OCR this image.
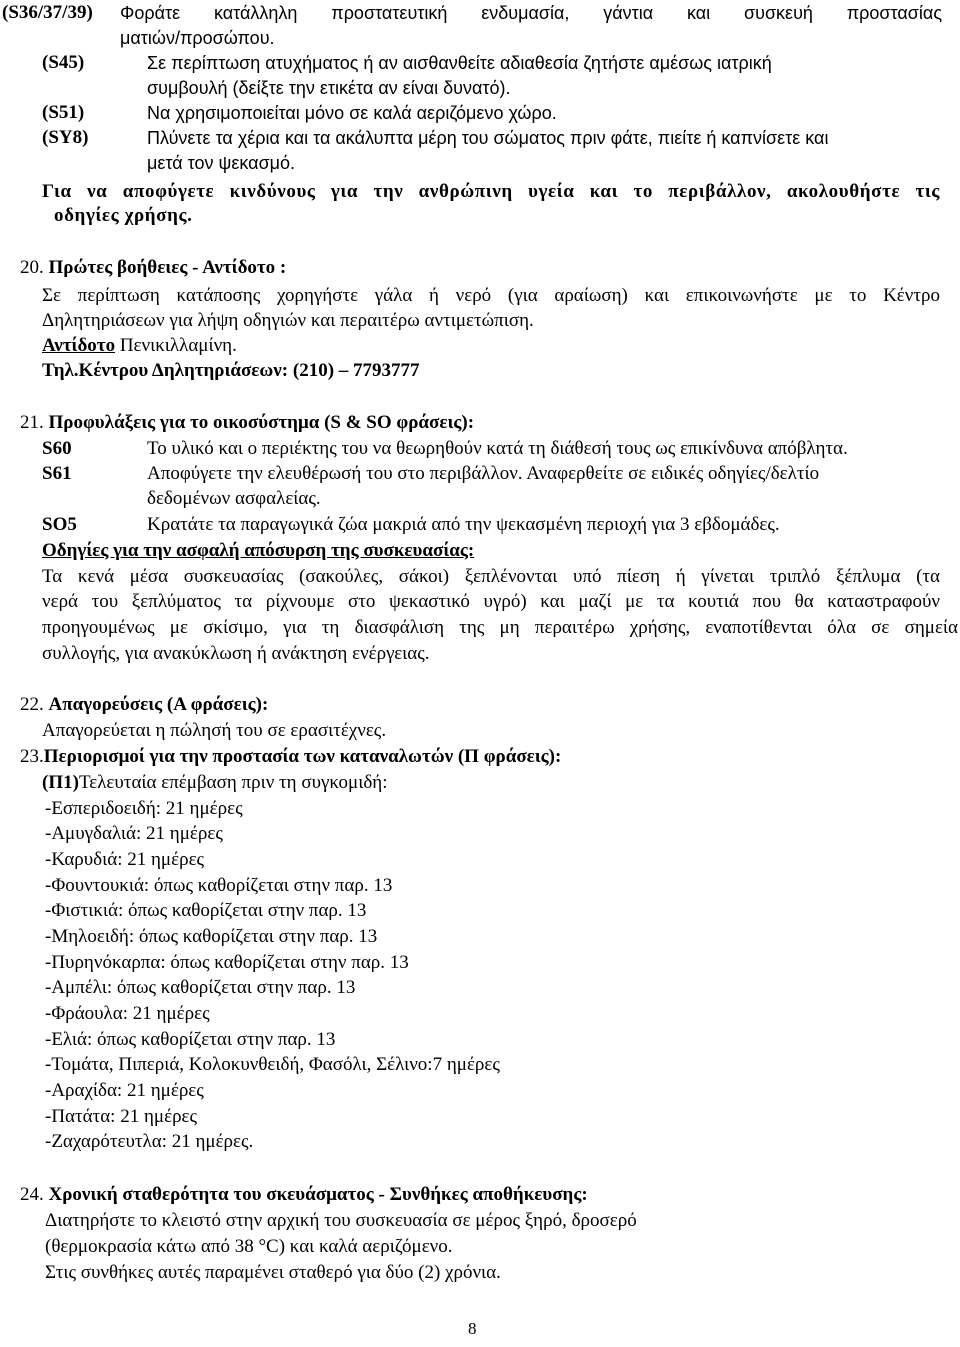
(S36/37/39) Φοράτε κατάλληλη προστατευτική ενδυμασία, γάντια και συσκευή προστασίας
ματιών/προσώπου.
(S45)	Σε περίπτωση ατυχήματος ή αν αισθανθείτε αδιαθεσία ζητήστε αμέσως ιατρική
συμβουλή (δείξτε την ετικέτα αν είναι δυνατό).
(S51)	Να χρησιμοποιείται μόνο σε καλά αεριζόμενο χώρο.
(SY8)	Πλύνετε τα χέρια και τα ακάλυπτα μέρη του σώματος πριν φάτε, πιείτε ή καπνίσετε και
μετά τον ψεκασμό.
Για να αποφύγετε κινδύνους για την ανθρώπινη υγεία και το περιβάλλον, ακολουθήστε τις
οδηγίες χρήσης.
20. Πρώτες βοήθειες - Αντίδοτο :
Σε περίπτωση κατάποσης χορηγήστε γάλα ή νερό (για αραίωση) και επικοινωνήστε με το Κέντρο
Δηλητηριάσεων για λήψη οδηγιών και περαιτέρω αντιμετώπιση.
Αντίδοτο Πενικιλλαμίνη.
Τηλ.Κέντρου Δηλητηριάσεων: (210) – 7793777
21. Προφυλάξεις για το οικοσύστημα (S & SO φράσεις):
S60	Το υλικό και ο περιέκτης του να θεωρηθούν κατά τη διάθεσή τους ως επικίνδυνα απόβλητα.
S61	Αποφύγετε την ελευθέρωσή του στο περιβάλλον. Αναφερθείτε σε ειδικές οδηγίες/δελτίο
δεδομένων ασφαλείας.
SO5	Κρατάτε τα παραγωγικά ζώα μακριά από την ψεκασμένη περιοχή για 3 εβδομάδες.
Οδηγίες για την ασφαλή απόσυρση της συσκευασίας:
Τα κενά μέσα συσκευασίας (σακούλες, σάκοι) ξεπλένονται υπό πίεση ή γίνεται τριπλό ξέπλυμα (τα
νερά του ξεπλύματος τα ρίχνουμε στο ψεκαστικό υγρό) και μαζί με τα κουτιά που θα καταστραφούν
προηγουμένως με σκίσιμο, για τη διασφάλιση της μη περαιτέρω χρήσης, εναποτίθενται όλα σε σημεία
συλλογής, για ανακύκλωση ή ανάκτηση ενέργειας.
22. Απαγορεύσεις (Α φράσεις):
Απαγορεύεται η πώλησή του σε ερασιτέχνες.
23.Περιορισμοί για την προστασία των καταναλωτών (Π φράσεις):
(Π1)Τελευταία επέμβαση πριν τη συγκομιδή:
-Εσπεριδοειδή: 21 ημέρες
-Αμυγδαλιά: 21 ημέρες
-Καρυδιά: 21 ημέρες
-Φουντουκιά: όπως καθορίζεται στην παρ. 13
-Φιστικιά: όπως καθορίζεται στην παρ. 13
-Μηλοειδή: όπως καθορίζεται στην παρ. 13
-Πυρηνόκαρπα: όπως καθορίζεται στην παρ. 13
-Αμπέλι: όπως καθορίζεται στην παρ. 13
-Φράουλα: 21 ημέρες
-Ελιά: όπως καθορίζεται στην παρ. 13
-Τομάτα, Πιπεριά, Κολοκυνθειδή, Φασόλι, Σέλινο:7 ημέρες
-Αραχίδα: 21 ημέρες
-Πατάτα: 21 ημέρες
-Ζαχαρότευτλα: 21 ημέρες.
24. Χρονική σταθερότητα του σκευάσματος - Συνθήκες αποθήκευσης:
Διατηρήστε το κλειστό στην αρχική του συσκευασία σε μέρος ξηρό, δροσερό
(θερμοκρασία κάτω από 38 °C) και καλά αεριζόμενο.
Στις συνθήκες αυτές παραμένει σταθερό για δύο (2) χρόνια.
8
